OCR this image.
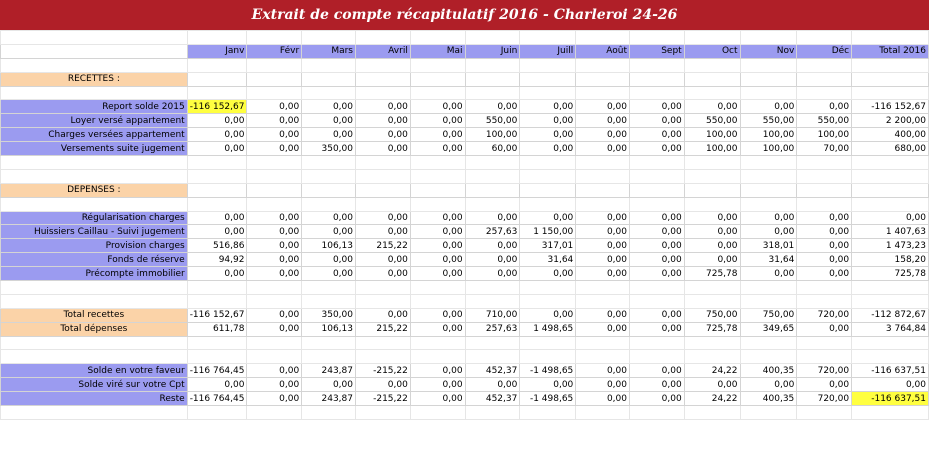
Extrait de compte récapitulatif 2016 - Charleroi 24-26

	Janv	Févr	Mars	Avril	Mai	Juin	Juill	Août	Sept	Oct	Nov	Déc	Total 2016

RECETTES :													

Report solde 2015	-116 152,67	0,00	0,00	0,00	0,00	0,00	0,00	0,00	0,00	0,00	0,00	0,00	-116 152,67
Loyer versé appartement	0,00	0,00	0,00	0,00	0,00	550,00	0,00	0,00	0,00	550,00	550,00	550,00	2 200,00
Charges versées appartement	0,00	0,00	0,00	0,00	0,00	100,00	0,00	0,00	0,00	100,00	100,00	100,00	400,00
Versements suite jugement	0,00	0,00	350,00	0,00	0,00	60,00	0,00	0,00	0,00	100,00	100,00	70,00	680,00

DEPENSES :													

Régularisation charges	0,00	0,00	0,00	0,00	0,00	0,00	0,00	0,00	0,00	0,00	0,00	0,00	0,00
Huissiers Caillau - Suivi jugement	0,00	0,00	0,00	0,00	0,00	257,63	1 150,00	0,00	0,00	0,00	0,00	0,00	1 407,63
Provision charges	516,86	0,00	106,13	215,22	0,00	0,00	317,01	0,00	0,00	0,00	318,01	0,00	1 473,23
Fonds de réserve	94,92	0,00	0,00	0,00	0,00	0,00	31,64	0,00	0,00	0,00	31,64	0,00	158,20
Précompte immobilier	0,00	0,00	0,00	0,00	0,00	0,00	0,00	0,00	0,00	725,78	0,00	0,00	725,78

Total recettes	-116 152,67	0,00	350,00	0,00	0,00	710,00	0,00	0,00	0,00	750,00	750,00	720,00	-112 872,67
Total dépenses	611,78	0,00	106,13	215,22	0,00	257,63	1 498,65	0,00	0,00	725,78	349,65	0,00	3 764,84

Solde en votre faveur	-116 764,45	0,00	243,87	-215,22	0,00	452,37	-1 498,65	0,00	0,00	24,22	400,35	720,00	-116 637,51
Solde viré sur votre Cpt	0,00	0,00	0,00	0,00	0,00	0,00	0,00	0,00	0,00	0,00	0,00	0,00	0,00
Reste	-116 764,45	0,00	243,87	-215,22	0,00	452,37	-1 498,65	0,00	0,00	24,22	400,35	720,00	-116 637,51
